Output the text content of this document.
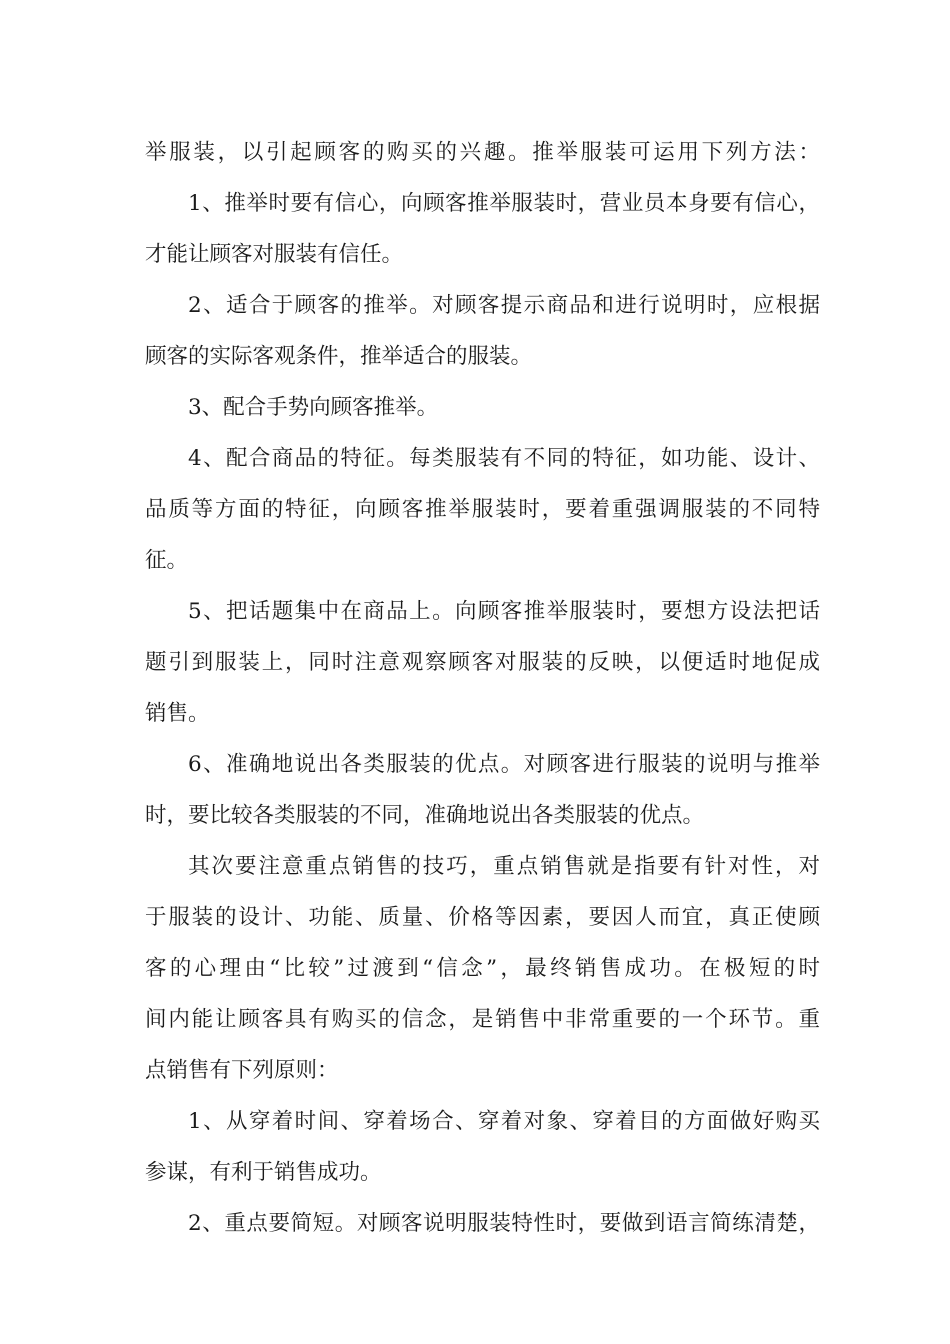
举服装，以引起顾客的购买的兴趣。推举服装可运用下列方法：
1、推举时要有信心，向顾客推举服装时，营业员本身要有信心，
才能让顾客对服装有信任。
2、适合于顾客的推举。对顾客提示商品和进行说明时，应根据
顾客的实际客观条件，推举适合的服装。
3、配合手势向顾客推举。
4、配合商品的特征。每类服装有不同的特征，如功能、设计、
品质等方面的特征，向顾客推举服装时，要着重强调服装的不同特
征。
5、把话题集中在商品上。向顾客推举服装时，要想方设法把话
题引到服装上，同时注意观察顾客对服装的反映，以便适时地促成
销售。
6、准确地说出各类服装的优点。对顾客进行服装的说明与推举
时，要比较各类服装的不同，准确地说出各类服装的优点。
其次要注意重点销售的技巧，重点销售就是指要有针对性，对
于服装的设计、功能、质量、价格等因素，要因人而宜，真正使顾
客的心理由“比较”过渡到“信念”，最终销售成功。在极短的时
间内能让顾客具有购买的信念，是销售中非常重要的一个环节。重
点销售有下列原则：
1、从穿着时间、穿着场合、穿着对象、穿着目的方面做好购买
参谋，有利于销售成功。
2、重点要简短。对顾客说明服装特性时，要做到语言简练清楚，
